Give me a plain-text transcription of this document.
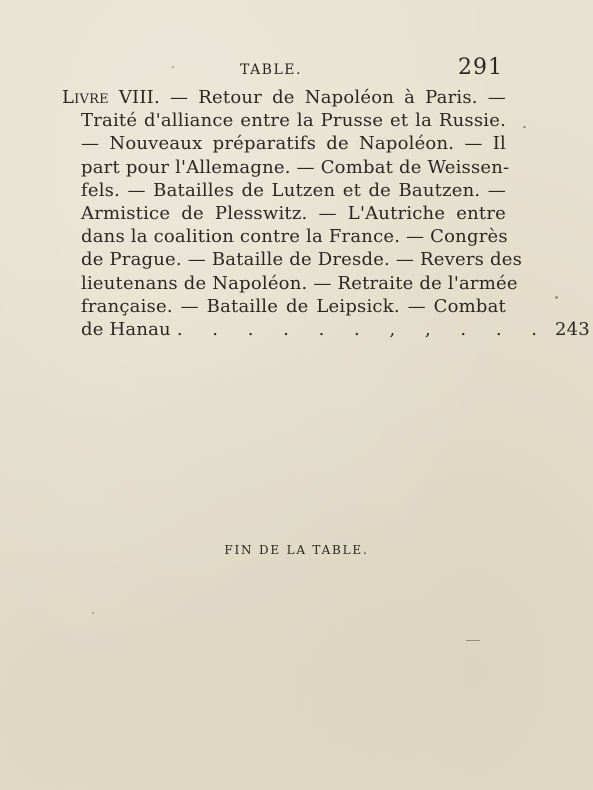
TABLE.	291
Livre VIII. — Retour de Napoléon à Paris. —
Traité d'alliance entre la Prusse et la Russie.
— Nouveaux préparatifs de Napoléon. — Il
part pour l'Allemagne. — Combat de Weissen-
fels. — Batailles de Lutzen et de Bautzen. —
Armistice de Plesswitz. — L'Autriche entre
dans la coalition contre la France. — Congrès
de Prague. — Bataille de Dresde. — Revers des
lieutenans de Napoléon. — Retraite de l'armée
française. — Bataille de Leipsick. — Combat
de Hanau . . . . . . , , . . . 243
FIN DE LA TABLE.
